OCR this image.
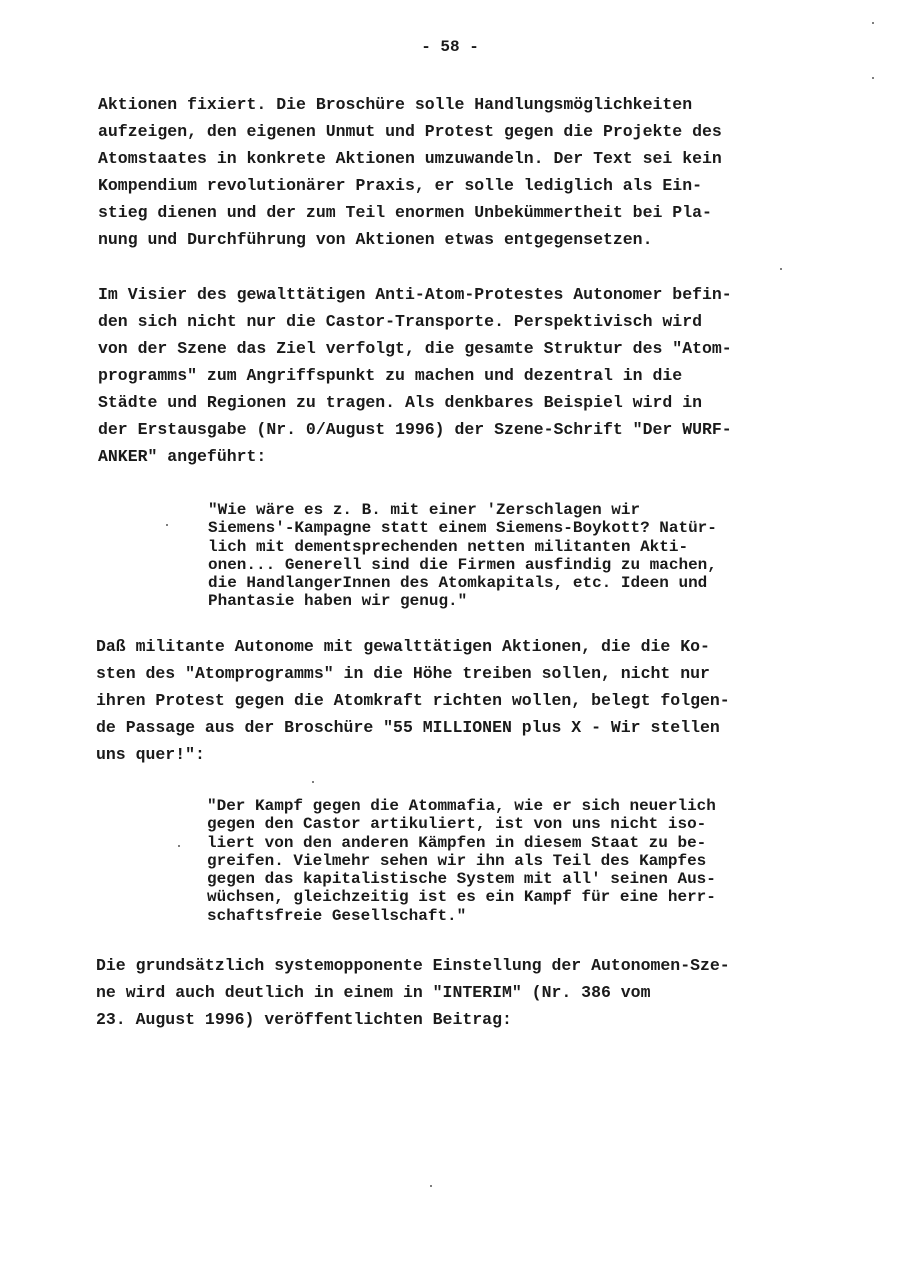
- 58 -
Aktionen fixiert. Die Broschüre solle Handlungsmöglichkeiten
aufzeigen, den eigenen Unmut und Protest gegen die Projekte des
Atomstaates in konkrete Aktionen umzuwandeln. Der Text sei kein
Kompendium revolutionärer Praxis, er solle lediglich als Ein-
stieg dienen und der zum Teil enormen Unbekümmertheit bei Pla-
nung und Durchführung von Aktionen etwas entgegensetzen.
Im Visier des gewalttätigen Anti-Atom-Protestes Autonomer befin-
den sich nicht nur die Castor-Transporte. Perspektivisch wird
von der Szene das Ziel verfolgt, die gesamte Struktur des "Atom-
programms" zum Angriffspunkt zu machen und dezentral in die
Städte und Regionen zu tragen. Als denkbares Beispiel wird in
der Erstausgabe (Nr. 0/August 1996) der Szene-Schrift "Der WURF-
ANKER" angeführt:
"Wie wäre es z. B. mit einer 'Zerschlagen wir
Siemens'-Kampagne statt einem Siemens-Boykott? Natür-
lich mit dementsprechenden netten militanten Akti-
onen... Generell sind die Firmen ausfindig zu machen,
die HandlangerInnen des Atomkapitals, etc. Ideen und
Phantasie haben wir genug."
Daß militante Autonome mit gewalttätigen Aktionen, die die Ko-
sten des "Atomprogramms" in die Höhe treiben sollen, nicht nur
ihren Protest gegen die Atomkraft richten wollen, belegt folgen-
de Passage aus der Broschüre "55 MILLIONEN plus X - Wir stellen
uns quer!":
"Der Kampf gegen die Atommafia, wie er sich neuerlich
gegen den Castor artikuliert, ist von uns nicht iso-
liert von den anderen Kämpfen in diesem Staat zu be-
greifen. Vielmehr sehen wir ihn als Teil des Kampfes
gegen das kapitalistische System mit all' seinen Aus-
wüchsen, gleichzeitig ist es ein Kampf für eine herr-
schaftsfreie Gesellschaft."
Die grundsätzlich systemopponente Einstellung der Autonomen-Sze-
ne wird auch deutlich in einem in "INTERIM" (Nr. 386 vom
23. August 1996) veröffentlichten Beitrag:
